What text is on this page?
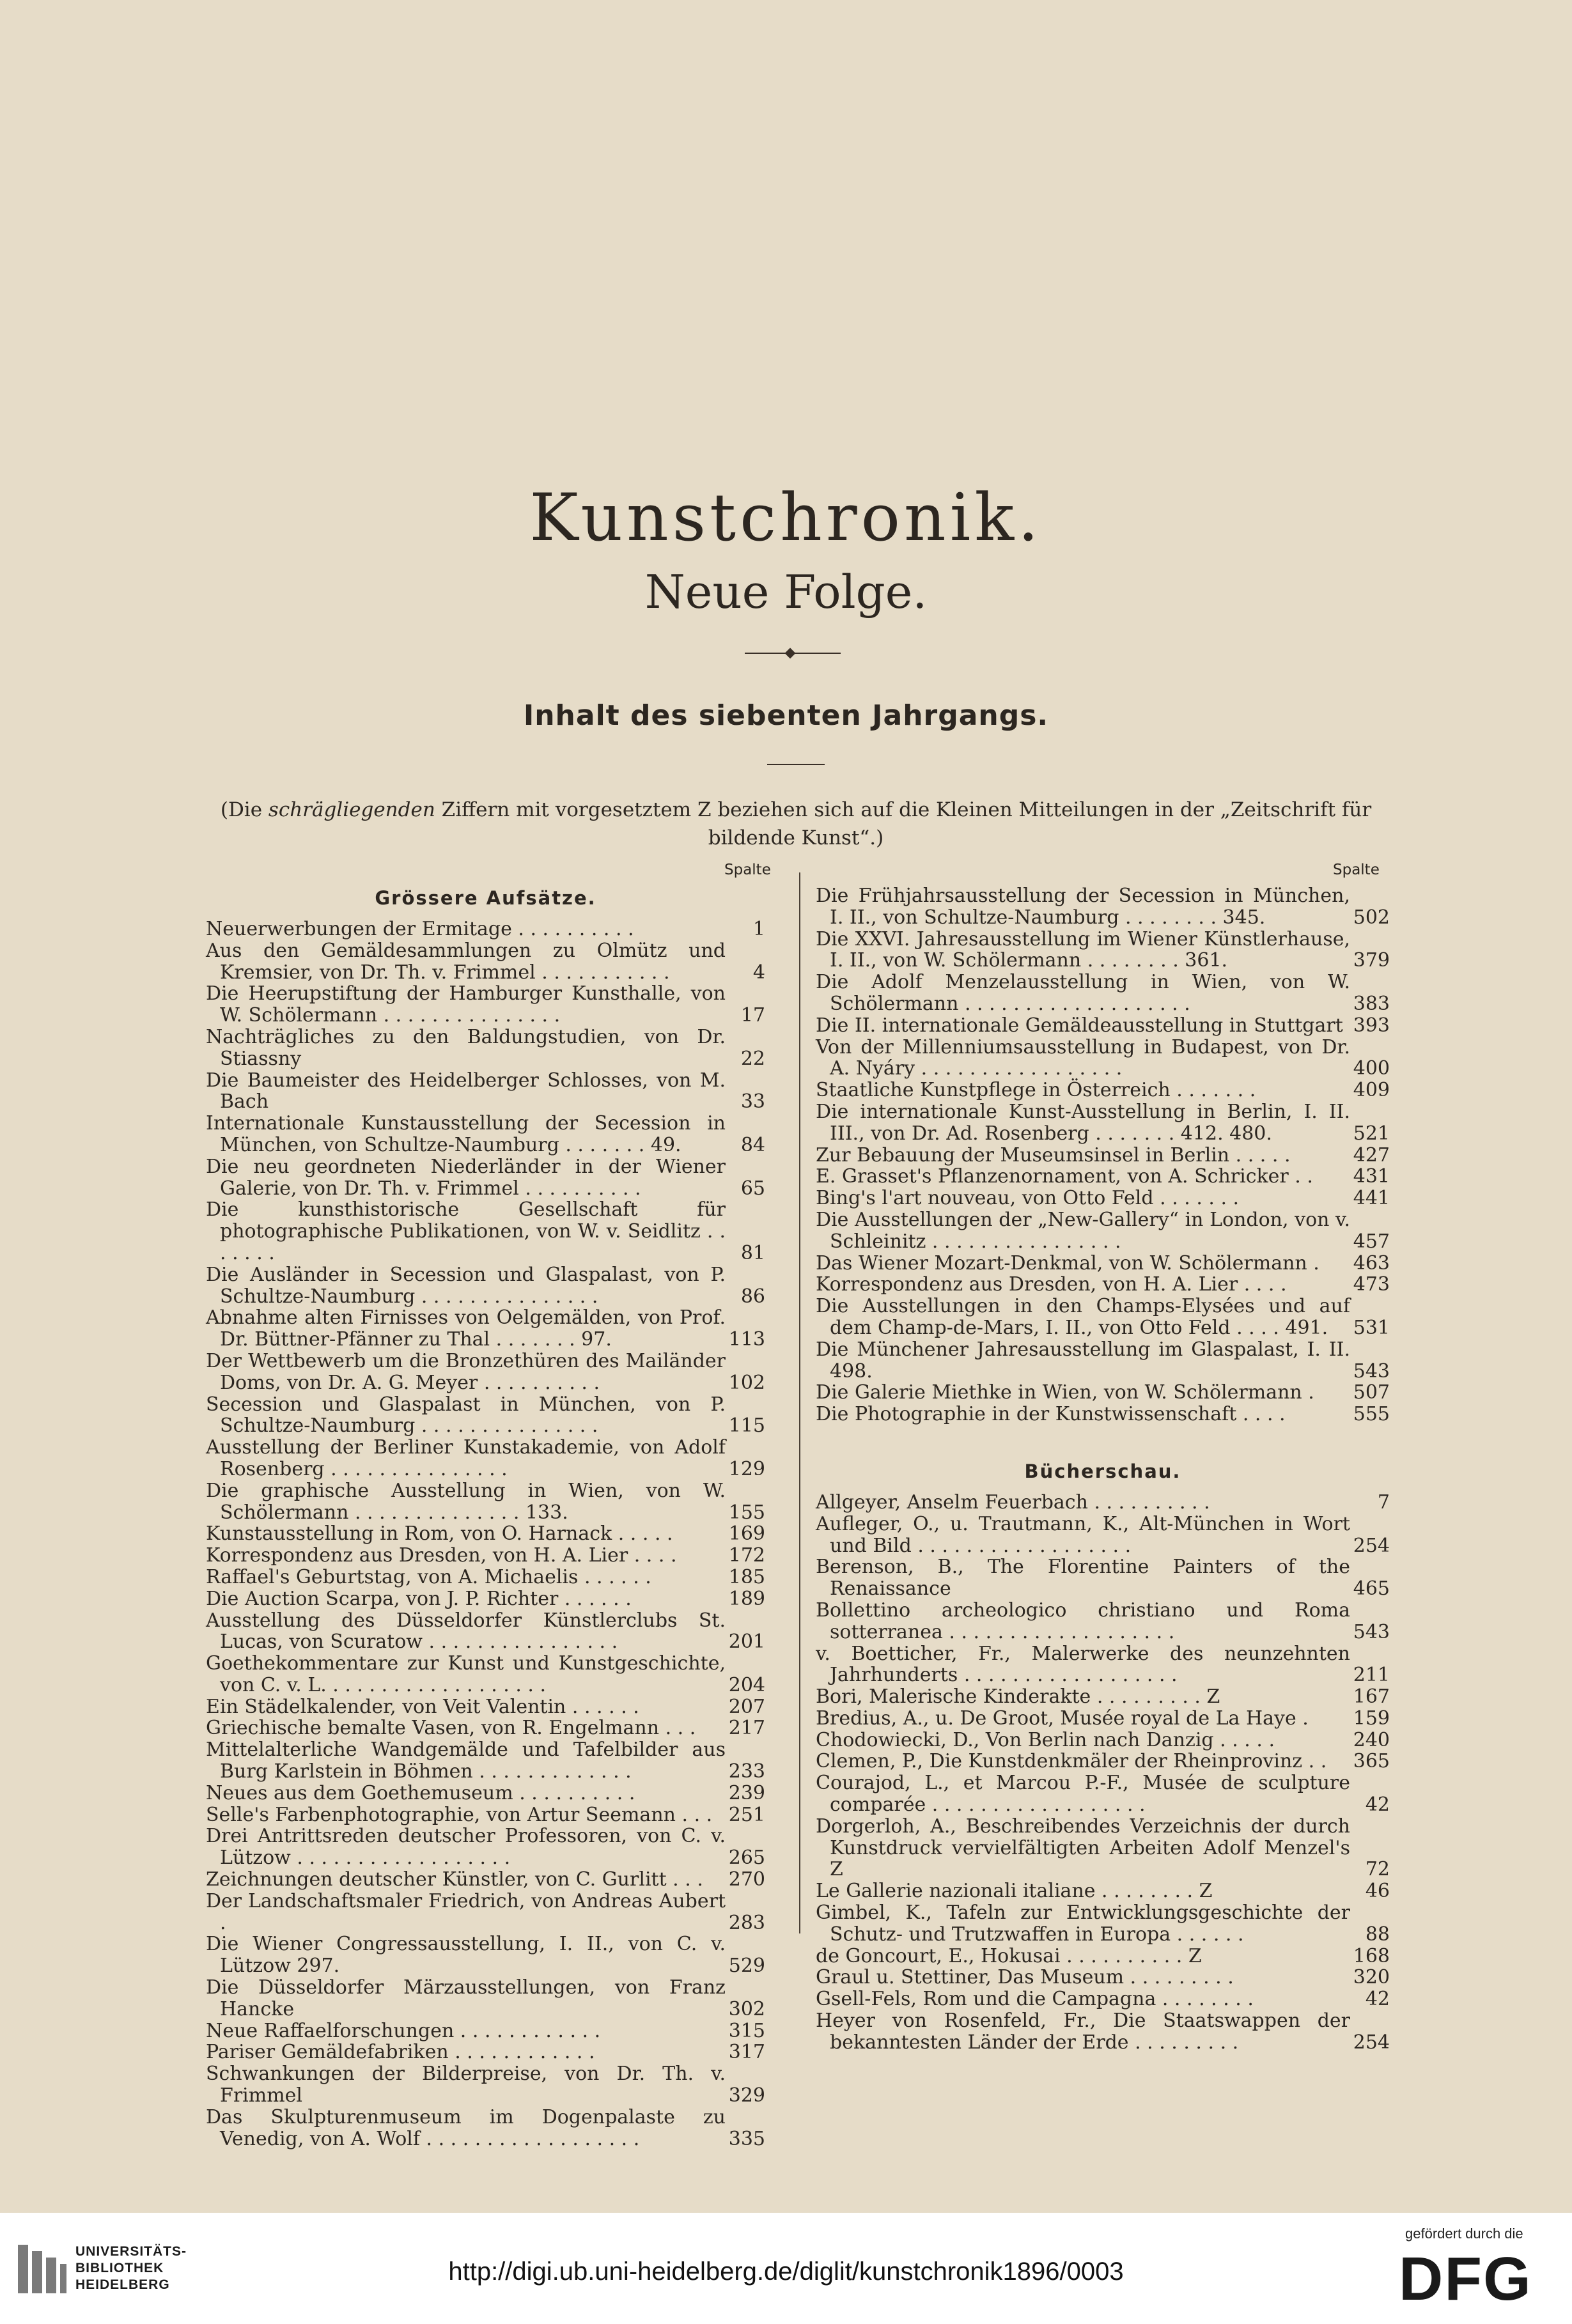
Kunstchronik.
Neue Folge.
Inhalt des siebenten Jahrgangs.
(Die schrägliegenden Ziffern mit vorgesetztem Z beziehen sich auf die Kleinen Mitteilungen in der „Zeitschrift für bildende Kunst“.)
Spalte	Spalte
Grössere Aufsätze.
Neuerwerbungen der Ermitage . . . . . . . . . .	1
Aus den Gemäldesammlungen zu Olmütz und Kremsier, von Dr. Th. v. Frimmel . . . . . . . . . . .	4
Die Heerupstiftung der Hamburger Kunsthalle, von W. Schölermann . . . . . . . . . . . . . . .	17
Nachträgliches zu den Baldungstudien, von Dr. Stiassny	22
Die Baumeister des Heidelberger Schlosses, von M. Bach	33
Internationale Kunstausstellung der Secession in München, von Schultze-Naumburg . . . . . . . 49.	84
Die neu geordneten Niederländer in der Wiener Galerie, von Dr. Th. v. Frimmel . . . . . . . . . .	65
Die kunsthistorische Gesellschaft für photographische Publikationen, von W. v. Seidlitz . . . . . . .	81
Die Ausländer in Secession und Glaspalast, von P. Schultze-Naumburg . . . . . . . . . . . . . . .	86
Abnahme alten Firnisses von Oelgemälden, von Prof. Dr. Büttner-Pfänner zu Thal . . . . . . . 97.	113
Der Wettbewerb um die Bronzethüren des Mailänder Doms, von Dr. A. G. Meyer . . . . . . . . . .	102
Secession und Glaspalast in München, von P. Schultze-Naumburg . . . . . . . . . . . . . . .	115
Ausstellung der Berliner Kunstakademie, von Adolf Rosenberg . . . . . . . . . . . . . . .	129
Die graphische Ausstellung in Wien, von W. Schölermann . . . . . . . . . . . . . . 133.	155
Kunstausstellung in Rom, von O. Harnack . . . . .	169
Korrespondenz aus Dresden, von H. A. Lier . . . .	172
Raffael's Geburtstag, von A. Michaelis . . . . . .	185
Die Auction Scarpa, von J. P. Richter . . . . . .	189
Ausstellung des Düsseldorfer Künstlerclubs St. Lucas, von Scuratow . . . . . . . . . . . . . . . .	201
Goethekommentare zur Kunst und Kunstgeschichte, von C. v. L. . . . . . . . . . . . . . . . . . .	204
Ein Städelkalender, von Veit Valentin . . . . . .	207
Griechische bemalte Vasen, von R. Engelmann . . .	217
Mittelalterliche Wandgemälde und Tafelbilder aus Burg Karlstein in Böhmen . . . . . . . . . . . . .	233
Neues aus dem Goethemuseum . . . . . . . . . .	239
Selle's Farbenphotographie, von Artur Seemann . . . 251
Drei Antrittsreden deutscher Professoren, von C. v. Lützow . . . . . . . . . . . . . . . . . .	265
Zeichnungen deutscher Künstler, von C. Gurlitt . . .	270
Der Landschaftsmaler Friedrich, von Andreas Aubert .	283
Die Wiener Congressausstellung, I. II., von C. v. Lützow 297.	529
Die Düsseldorfer Märzausstellungen, von Franz Hancke	302
Neue Raffaelforschungen . . . . . . . . . . . .	315
Pariser Gemäldefabriken . . . . . . . . . . . .	317
Schwankungen der Bilderpreise, von Dr. Th. v. Frimmel	329
Das Skulpturenmuseum im Dogenpalaste zu Venedig, von A. Wolf . . . . . . . . . . . . . . . . . .	335
Die Frühjahrsausstellung der Secession in München, I. II., von Schultze-Naumburg . . . . . . . . 345.	502
Die XXVI. Jahresausstellung im Wiener Künstlerhause, I. II., von W. Schölermann . . . . . . . . 361.	379
Die Adolf Menzelausstellung in Wien, von W. Schölermann . . . . . . . . . . . . . . . . . . .	383
Die II. internationale Gemäldeausstellung in Stuttgart 393
Von der Millenniumsausstellung in Budapest, von Dr. A. Nyáry . . . . . . . . . . . . . . . . .	400
Staatliche Kunstpflege in Österreich . . . . . . .	409
Die internationale Kunst-Ausstellung in Berlin, I. II. III., von Dr. Ad. Rosenberg . . . . . . . 412. 480.	521
Zur Bebauung der Museumsinsel in Berlin . . . . .	427
E. Grasset's Pflanzenornament, von A. Schricker . .	431
Bing's l'art nouveau, von Otto Feld . . . . . . .	441
Die Ausstellungen der „New-Gallery“ in London, von v. Schleinitz . . . . . . . . . . . . . . . .	457
Das Wiener Mozart-Denkmal, von W. Schölermann .	463
Korrespondenz aus Dresden, von H. A. Lier . . . .	473
Die Ausstellungen in den Champs-Elysées und auf dem Champ-de-Mars, I. II., von Otto Feld . . . . 491.	531
Die Münchener Jahresausstellung im Glaspalast, I. II. 498.	543
Die Galerie Miethke in Wien, von W. Schölermann .	507
Die Photographie in der Kunstwissenschaft . . . .	555
Bücherschau.
Allgeyer, Anselm Feuerbach . . . . . . . . . .	7
Aufleger, O., u. Trautmann, K., Alt-München in Wort und Bild . . . . . . . . . . . . . . . . . .	254
Berenson, B., The Florentine Painters of the Renaissance	465
Bollettino archeologico christiano und Roma sotterranea . . . . . . . . . . . . . . . . . . .	543
v. Boetticher, Fr., Malerwerke des neunzehnten Jahrhunderts . . . . . . . . . . . . . . . . . .	211
Bori, Malerische Kinderakte . . . . . . . . . Z	167
Bredius, A., u. De Groot, Musée royal de La Haye .	159
Chodowiecki, D., Von Berlin nach Danzig . . . . .	240
Clemen, P., Die Kunstdenkmäler der Rheinprovinz . .	365
Courajod, L., et Marcou P.-F., Musée de sculpture comparée . . . . . . . . . . . . . . . . . .	42
Dorgerloh, A., Beschreibendes Verzeichnis der durch Kunstdruck vervielfältigten Arbeiten Adolf Menzel's Z	72
Le Gallerie nazionali italiane . . . . . . . . Z	46
Gimbel, K., Tafeln zur Entwicklungsgeschichte der Schutz- und Trutzwaffen in Europa . . . . . .	88
de Goncourt, E., Hokusai . . . . . . . . . . Z	168
Graul u. Stettiner, Das Museum . . . . . . . . .	320
Gsell-Fels, Rom und die Campagna . . . . . . . .	42
Heyer von Rosenfeld, Fr., Die Staatswappen der bekanntesten Länder der Erde . . . . . . . . .	254
UNIVERSITÄTS-
BIBLIOTHEK
HEIDELBERG	http://digi.ub.uni-heidelberg.de/diglit/kunstchronik1896/0003
gefördert durch die
DFG
